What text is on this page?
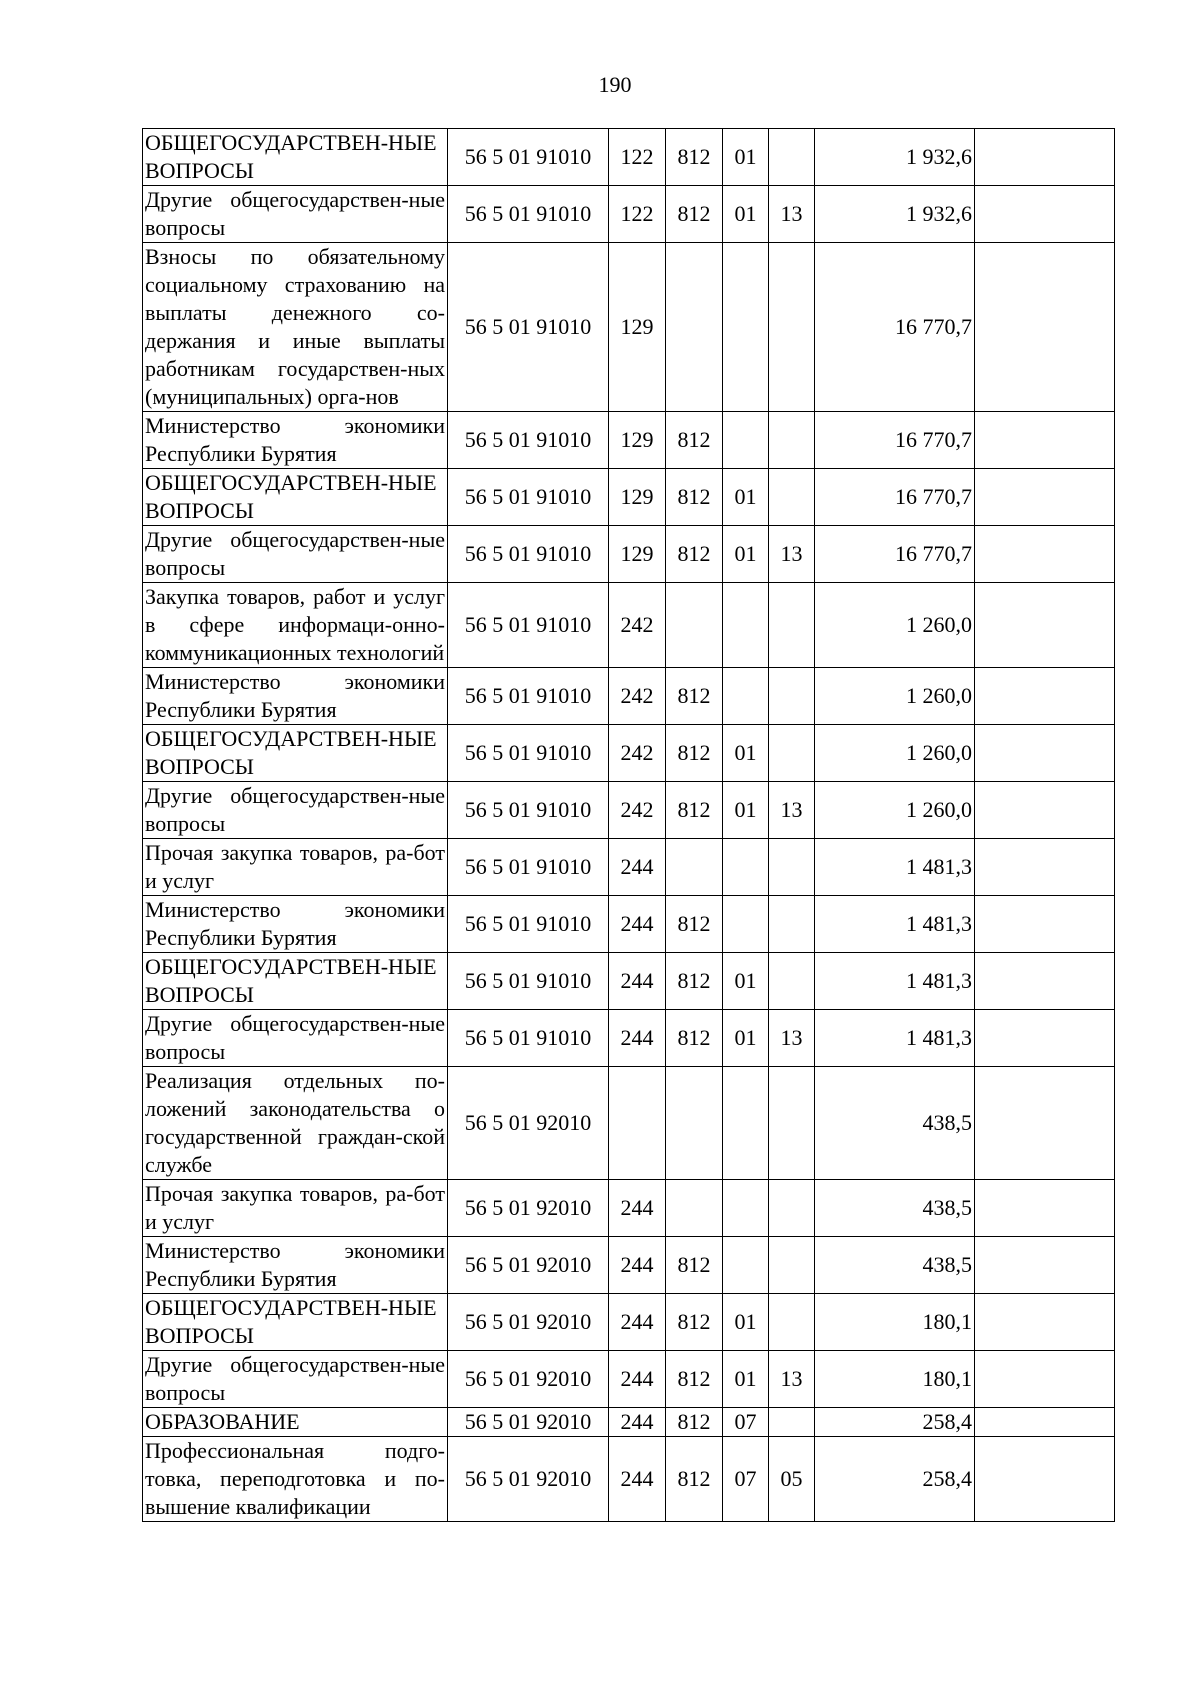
190
ОБЩЕГОСУДАРСТВЕН-НЫЕ ВОПРОСЫ	56 5 01 91010	122	812	01		1 932,6	
Другие общегосударствен-ные вопросы	56 5 01 91010	122	812	01	13	1 932,6	
Взносы по обязательному социальному страхованию на выплаты денежного со-держания и иные выплаты работникам государствен-ных (муниципальных) орга-нов	56 5 01 91010	129				16 770,7	
Министерство экономики Республики Бурятия	56 5 01 91010	129	812			16 770,7	
ОБЩЕГОСУДАРСТВЕН-НЫЕ ВОПРОСЫ	56 5 01 91010	129	812	01		16 770,7	
Другие общегосударствен-ные вопросы	56 5 01 91010	129	812	01	13	16 770,7	
Закупка товаров, работ и услуг в сфере информаци-онно-коммуникационных технологий	56 5 01 91010	242				1 260,0	
Министерство экономики Республики Бурятия	56 5 01 91010	242	812			1 260,0	
ОБЩЕГОСУДАРСТВЕН-НЫЕ ВОПРОСЫ	56 5 01 91010	242	812	01		1 260,0	
Другие общегосударствен-ные вопросы	56 5 01 91010	242	812	01	13	1 260,0	
Прочая закупка товаров, ра-бот и услуг	56 5 01 91010	244				1 481,3	
Министерство экономики Республики Бурятия	56 5 01 91010	244	812			1 481,3	
ОБЩЕГОСУДАРСТВЕН-НЫЕ ВОПРОСЫ	56 5 01 91010	244	812	01		1 481,3	
Другие общегосударствен-ные вопросы	56 5 01 91010	244	812	01	13	1 481,3	
Реализация отдельных по-ложений законодательства о государственной граждан-ской службе	56 5 01 92010					438,5	
Прочая закупка товаров, ра-бот и услуг	56 5 01 92010	244				438,5	
Министерство экономики Республики Бурятия	56 5 01 92010	244	812			438,5	
ОБЩЕГОСУДАРСТВЕН-НЫЕ ВОПРОСЫ	56 5 01 92010	244	812	01		180,1	
Другие общегосударствен-ные вопросы	56 5 01 92010	244	812	01	13	180,1	
ОБРАЗОВАНИЕ	56 5 01 92010	244	812	07		258,4	
Профессиональная подго-товка, переподготовка и по-вышение квалификации	56 5 01 92010	244	812	07	05	258,4	
